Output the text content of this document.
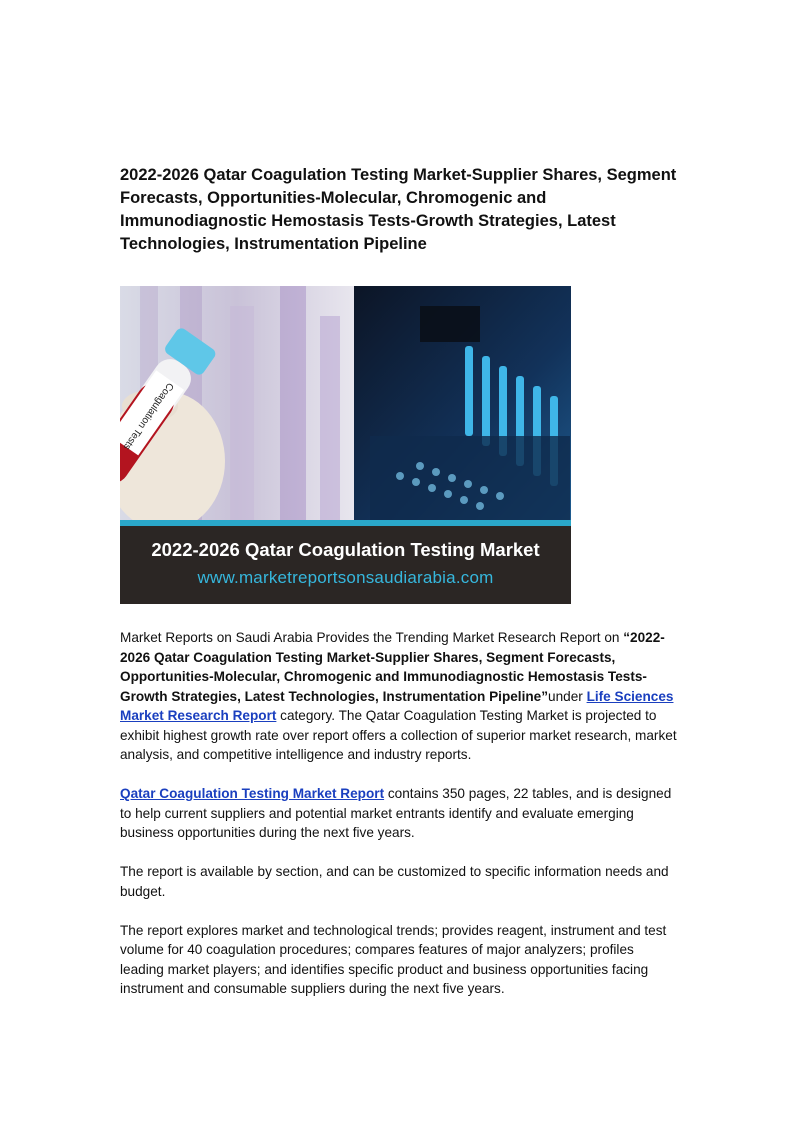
2022-2026 Qatar Coagulation Testing Market-Supplier Shares, Segment Forecasts, Opportunities-Molecular, Chromogenic and Immunodiagnostic Hemostasis Tests-Growth Strategies, Latest Technologies, Instrumentation Pipeline
Coagulation Tests
2022-2026 Qatar Coagulation Testing Market
www.marketreportsonsaudiarabia.com

Market Reports on Saudi Arabia Provides the Trending Market Research Report on “2022-2026 Qatar Coagulation Testing Market-Supplier Shares, Segment Forecasts, Opportunities-Molecular, Chromogenic and Immunodiagnostic Hemostasis Tests-Growth Strategies, Latest Technologies, Instrumentation Pipeline”under Life Sciences Market Research Report category. The Qatar Coagulation Testing Market is projected to exhibit highest growth rate over report offers a collection of superior market research, market analysis, and competitive intelligence and industry reports.

Qatar Coagulation Testing Market Report contains 350 pages, 22 tables, and is designed to help current suppliers and potential market entrants identify and evaluate emerging business opportunities during the next five years.

The report is available by section, and can be customized to specific information needs and budget.

The report explores market and technological trends; provides reagent, instrument and test volume for 40 coagulation procedures; compares features of major analyzers; profiles leading market players; and identifies specific product and business opportunities facing instrument and consumable suppliers during the next five years.
